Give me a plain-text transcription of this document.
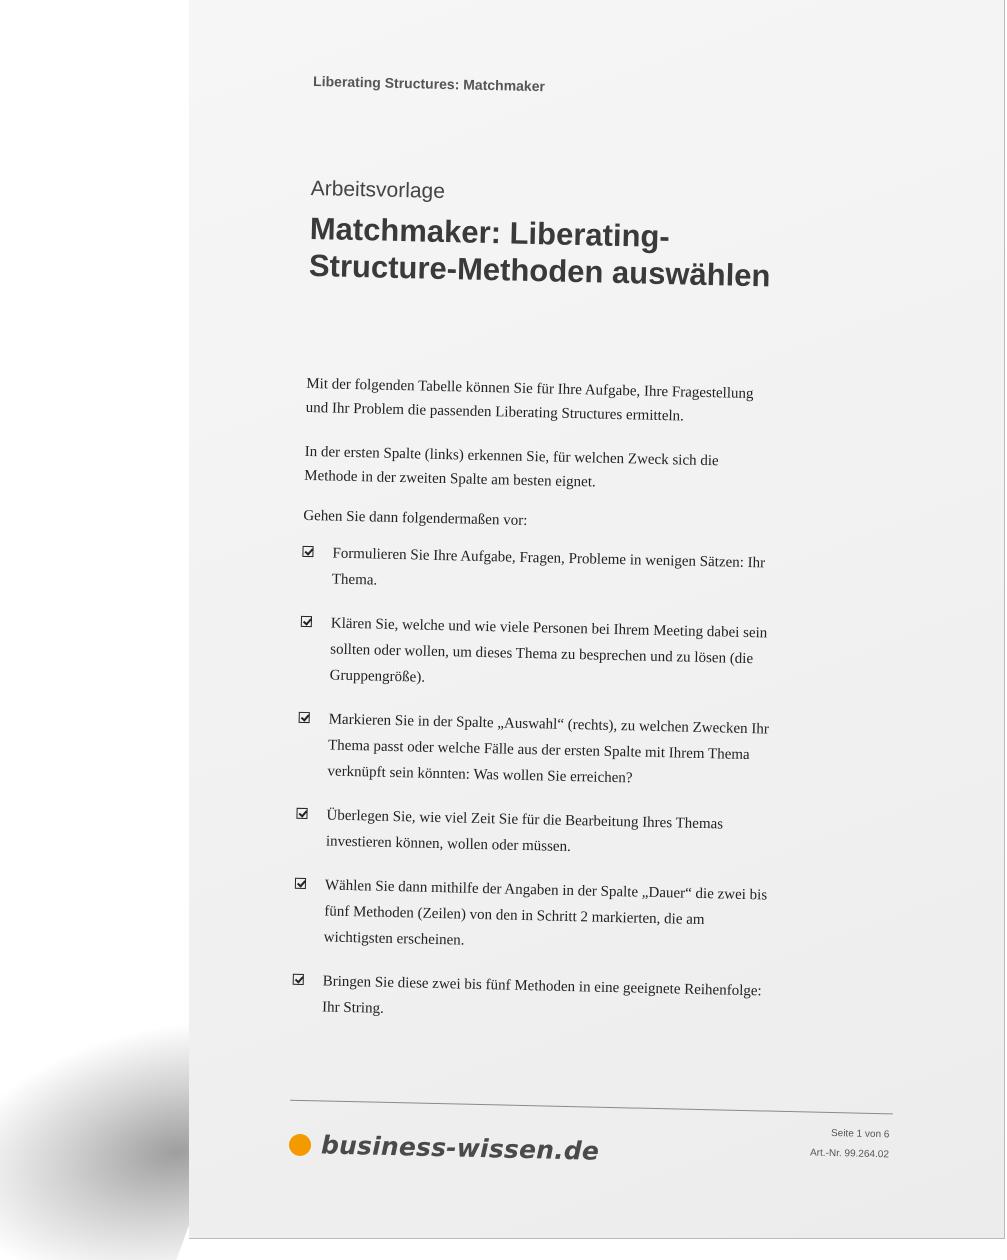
Liberating Structures: Matchmaker
Arbeitsvorlage
Matchmaker: Liberating-Structure-Methoden auswählen
Mit der folgenden Tabelle können Sie für Ihre Aufgabe, Ihre Fragestellung und Ihr Problem die passenden Liberating Structures ermitteln.
In der ersten Spalte (links) erkennen Sie, für welchen Zweck sich die Methode in der zweiten Spalte am besten eignet.
Gehen Sie dann folgendermaßen vor:
Formulieren Sie Ihre Aufgabe, Fragen, Probleme in wenigen Sätzen: Ihr Thema.
Klären Sie, welche und wie viele Personen bei Ihrem Meeting dabei sein sollten oder wollen, um dieses Thema zu besprechen und zu lösen (die Gruppengröße).
Markieren Sie in der Spalte „Auswahl“ (rechts), zu welchen Zwecken Ihr Thema passt oder welche Fälle aus der ersten Spalte mit Ihrem Thema verknüpft sein könnten: Was wollen Sie erreichen?
Überlegen Sie, wie viel Zeit Sie für die Bearbeitung Ihres Themas investieren können, wollen oder müssen.
Wählen Sie dann mithilfe der Angaben in der Spalte „Dauer“ die zwei bis fünf Methoden (Zeilen) von den in Schritt 2 markierten, die am wichtigsten erscheinen.
Bringen Sie diese zwei bis fünf Methoden in eine geeignete Reihenfolge: Ihr String.
Seite 1 von 6
Art.-Nr. 99.264.02
business-wissen.de
